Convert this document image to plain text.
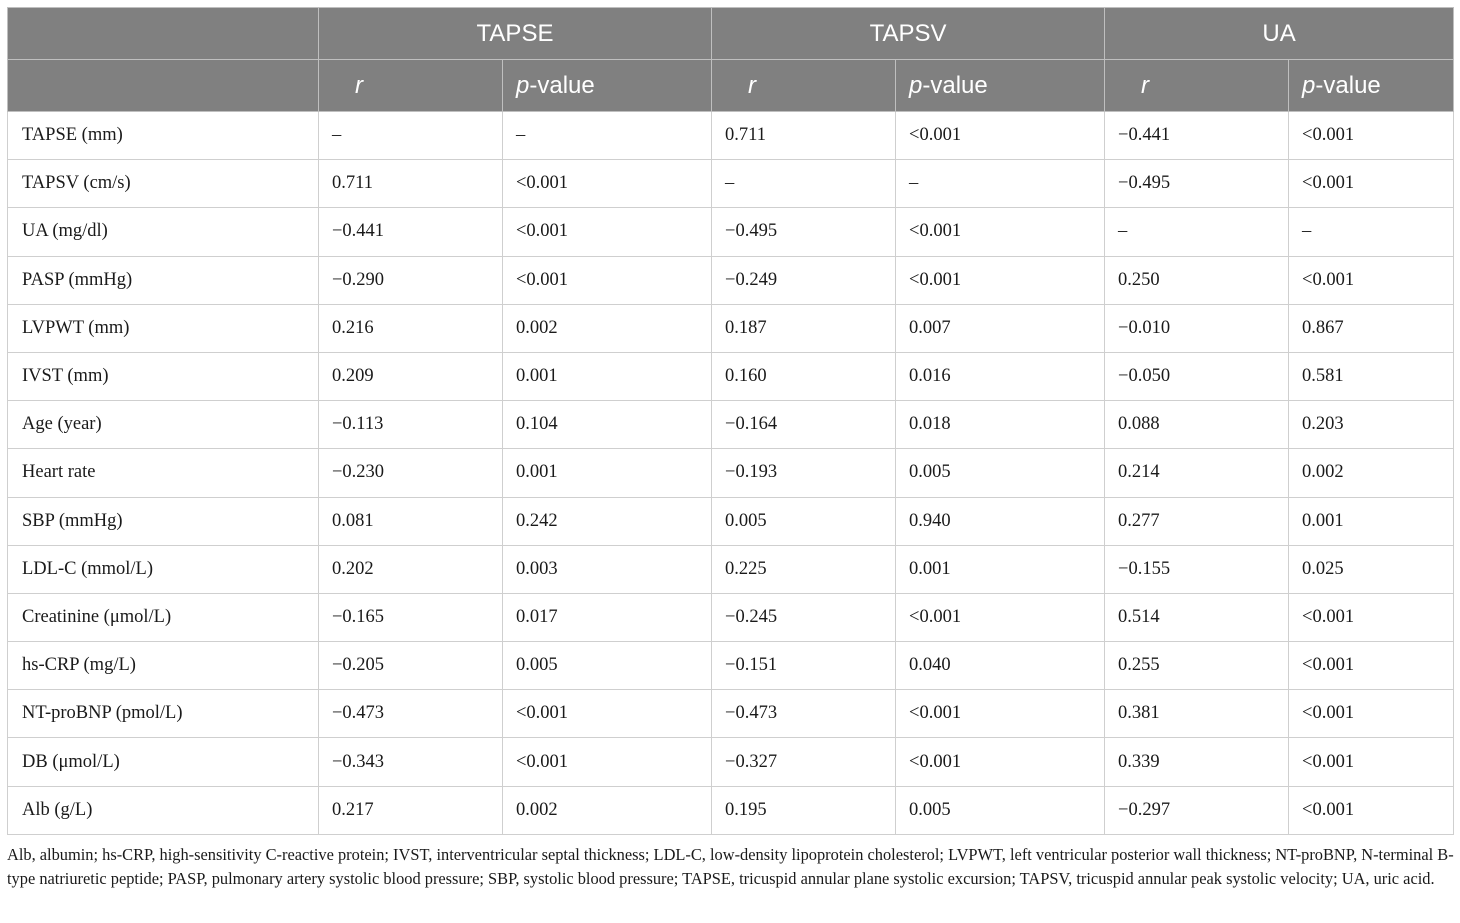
	TAPSE		TAPSV		UA	
	r	p-value	r	p-value	r	p-value
TAPSE (mm)	–	–	0.711	<0.001	−0.441	<0.001
TAPSV (cm/s)	0.711	<0.001	–	–	−0.495	<0.001
UA (mg/dl)	−0.441	<0.001	−0.495	<0.001	–	–
PASP (mmHg)	−0.290	<0.001	−0.249	<0.001	0.250	<0.001
LVPWT (mm)	0.216	0.002	0.187	0.007	−0.010	0.867
IVST (mm)	0.209	0.001	0.160	0.016	−0.050	0.581
Age (year)	−0.113	0.104	−0.164	0.018	0.088	0.203
Heart rate	−0.230	0.001	−0.193	0.005	0.214	0.002
SBP (mmHg)	0.081	0.242	0.005	0.940	0.277	0.001
LDL-C (mmol/L)	0.202	0.003	0.225	0.001	−0.155	0.025
Creatinine (μmol/L)	−0.165	0.017	−0.245	<0.001	0.514	<0.001
hs-CRP (mg/L)	−0.205	0.005	−0.151	0.040	0.255	<0.001
NT-proBNP (pmol/L)	−0.473	<0.001	−0.473	<0.001	0.381	<0.001
DB (μmol/L)	−0.343	<0.001	−0.327	<0.001	0.339	<0.001
Alb (g/L)	0.217	0.002	0.195	0.005	−0.297	<0.001
Alb, albumin; hs-CRP, high-sensitivity C-reactive protein; IVST, interventricular septal thickness; LDL-C, low-density lipoprotein cholesterol; LVPWT, left ventricular posterior wall thickness; NT-proBNP, N-terminal B-type natriuretic peptide; PASP, pulmonary artery systolic blood pressure; SBP, systolic blood pressure; TAPSE, tricuspid annular plane systolic excursion; TAPSV, tricuspid annular peak systolic velocity; UA, uric acid.
